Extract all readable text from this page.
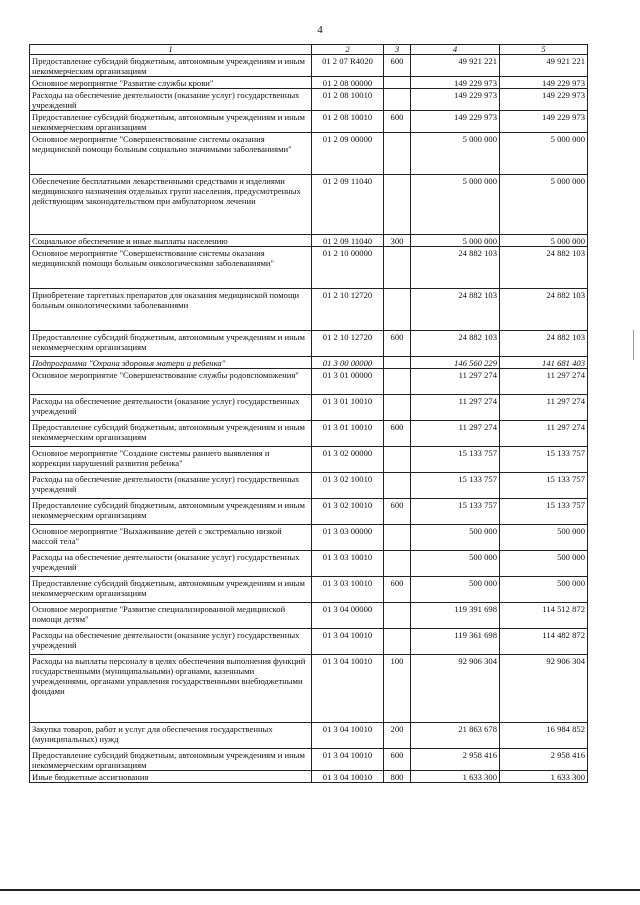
4
1	2	3	4	5
Предоставление субсидий бюджетным, автономным учреждениям и иным некоммерческим организациям	01 2 07 R4020	600	49 921 221	49 921 221
Основное мероприятие "Развитие службы крови"	01 2 08 00000		149 229 973	149 229 973
Расходы на обеспечение деятельности (оказание услуг) государственных учреждений	01 2 08 10010		149 229 973	149 229 973
Предоставление субсидий бюджетным, автономным учреждениям и иным некоммерческим организациям	01 2 08 10010	600	149 229 973	149 229 973
Основное мероприятие "Совершенствование системы оказания медицинской помощи больным социально значимыми заболеваниями"	01 2 09 00000		5 000 000	5 000 000
Обеспечение бесплатными лекарственными средствами и изделиями медицинского назначения отдельных групп населения, предусмотренных действующим законодательством при амбулаторном лечении	01 2 09 11040		5 000 000	5 000 000
Социальное обеспечение и иные выплаты населению	01 2 09 11040	300	5 000 000	5 000 000
Основное мероприятие "Совершенствование системы оказания медицинской помощи больным онкологическими заболеваниями"	01 2 10 00000		24 882 103	24 882 103
Приобретение таргетных препаратов для оказания медицинской помощи больным онкологическими заболеваниями	01 2 10 12720		24 882 103	24 882 103
Предоставление субсидий бюджетным, автономным учреждениям и иным некоммерческим организациям	01 2 10 12720	600	24 882 103	24 882 103
Подпрограмма "Охрана здоровья матери и ребенка"	01 3 00 00000		146 560 229	141 681 403
Основное мероприятие "Совершенствование службы родовспоможения"	01 3 01 00000		11 297 274	11 297 274
Расходы на обеспечение деятельности (оказание услуг) государственных учреждений	01 3 01 10010		11 297 274	11 297 274
Предоставление субсидий бюджетным, автономным учреждениям и иным некоммерческим организациям	01 3 01 10010	600	11 297 274	11 297 274
Основное мероприятие "Создание системы раннего выявления и коррекции нарушений развития ребенка"	01 3 02 00000		15 133 757	15 133 757
Расходы на обеспечение деятельности (оказание услуг) государственных учреждений	01 3 02 10010		15 133 757	15 133 757
Предоставление субсидий бюджетным, автономным учреждениям и иным некоммерческим организациям	01 3 02 10010	600	15 133 757	15 133 757
Основное мероприятие "Выхаживание детей с экстремально низкой массой тела"	01 3 03 00000		500 000	500 000
Расходы на обеспечение деятельности (оказание услуг) государственных учреждений	01 3 03 10010		500 000	500 000
Предоставление субсидий бюджетным, автономным учреждениям и иным некоммерческим организациям	01 3 03 10010	600	500 000	500 000
Основное мероприятие "Развитие специализированной медицинской помощи детям"	01 3 04 00000		119 391 698	114 512 872
Расходы на обеспечение деятельности (оказание услуг) государственных учреждений	01 3 04 10010		119 361 698	114 482 872
Расходы на выплаты персоналу в целях обеспечения выполнения функций государственными (муниципальными) органами, казенными учреждениями, органами управления государственными внебюджетными фондами	01 3 04 10010	100	92 906 304	92 906 304
Закупка товаров, работ и услуг для обеспечения государственных (муниципальных) нужд	01 3 04 10010	200	21 863 678	16 984 852
Предоставление субсидий бюджетным, автономным учреждениям и иным некоммерческим организациям	01 3 04 10010	600	2 958 416	2 958 416
Иные бюджетные ассигнования	01 3 04 10010	800	1 633 300	1 633 300
